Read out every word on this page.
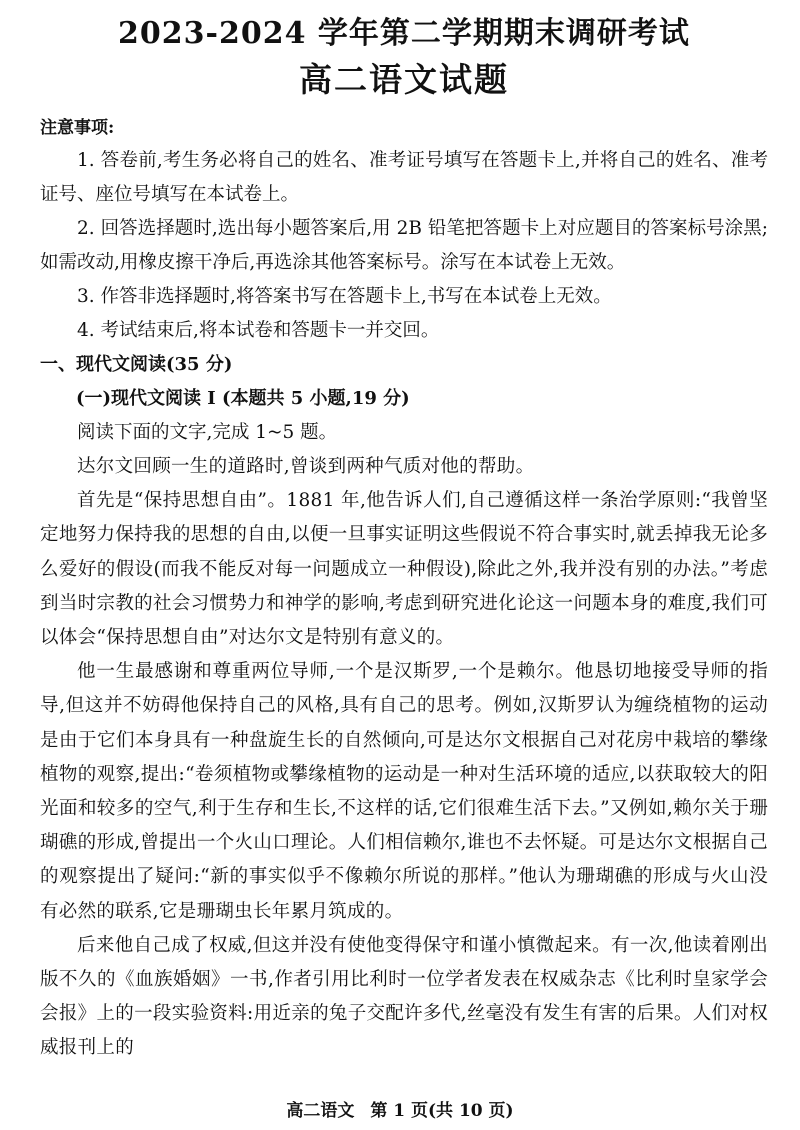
2023-2024 学年第二学期期末调研考试
高二语文试题
注意事项:

1. 答卷前,考生务必将自己的姓名、准考证号填写在答题卡上,并将自己的姓名、准考证号、座位号填写在本试卷上。

2. 回答选择题时,选出每小题答案后,用 2B 铅笔把答题卡上对应题目的答案标号涂黑;如需改动,用橡皮擦干净后,再选涂其他答案标号。涂写在本试卷上无效。

3. 作答非选择题时,将答案书写在答题卡上,书写在本试卷上无效。

4. 考试结束后,将本试卷和答题卡一并交回。

一、现代文阅读(35 分)
(一)现代文阅读 Ⅰ (本题共 5 小题,19 分)

阅读下面的文字,完成 1~5 题。

达尔文回顾一生的道路时,曾谈到两种气质对他的帮助。

首先是“保持思想自由”。1881 年,他告诉人们,自己遵循这样一条治学原则:“我曾坚定地努力保持我的思想的自由,以便一旦事实证明这些假说不符合事实时,就丢掉我无论多么爱好的假设(而我不能反对每一问题成立一种假设),除此之外,我并没有别的办法。”考虑到当时宗教的社会习惯势力和神学的影响,考虑到研究进化论这一问题本身的难度,我们可以体会“保持思想自由”对达尔文是特别有意义的。

他一生最感谢和尊重两位导师,一个是汉斯罗,一个是赖尔。他恳切地接受导师的指导,但这并不妨碍他保持自己的风格,具有自己的思考。例如,汉斯罗认为缠绕植物的运动是由于它们本身具有一种盘旋生长的自然倾向,可是达尔文根据自己对花房中栽培的攀缘植物的观察,提出:“卷须植物或攀缘植物的运动是一种对生活环境的适应,以获取较大的阳光面和较多的空气,利于生存和生长,不这样的话,它们很难生活下去。”又例如,赖尔关于珊瑚礁的形成,曾提出一个火山口理论。人们相信赖尔,谁也不去怀疑。可是达尔文根据自己的观察提出了疑问:“新的事实似乎不像赖尔所说的那样。”他认为珊瑚礁的形成与火山没有必然的联系,它是珊瑚虫长年累月筑成的。

后来他自己成了权威,但这并没有使他变得保守和谨小慎微起来。有一次,他读着刚出版不久的《血族婚姻》一书,作者引用比利时一位学者发表在权威杂志《比利时皇家学会会报》上的一段实验资料:用近亲的兔子交配许多代,丝毫没有发生有害的后果。人们对权威报刊上的

高二语文 第 1 页(共 10 页)
